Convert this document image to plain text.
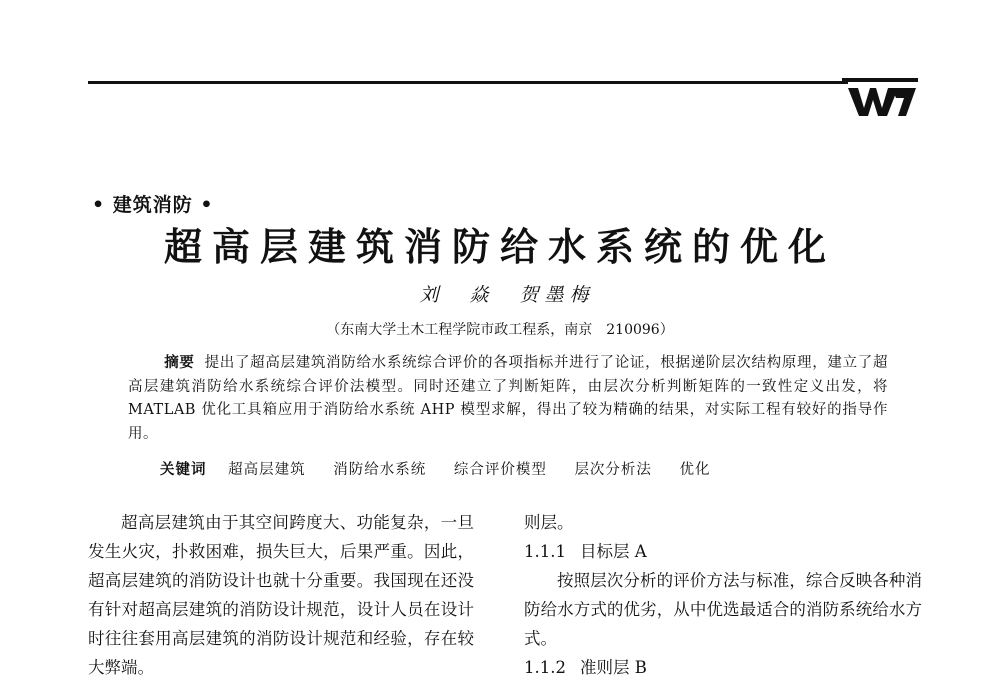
• 建筑消防 •
超高层建筑消防给水系统的优化
刘　焱　贺墨梅
（东南大学土木工程学院市政工程系，南京　210096）
摘要 提出了超高层建筑消防给水系统综合评价的各项指标并进行了论证，根据递阶层次结构原理，建立了超高层建筑消防给水系统综合评价法模型。同时还建立了判断矩阵，由层次分析判断矩阵的一致性定义出发，将 MATLAB 优化工具箱应用于消防给水系统 AHP 模型求解，得出了较为精确的结果，对实际工程有较好的指导作用。
关键词 超高层建筑 消防给水系统 综合评价模型 层次分析法 优化

超高层建筑由于其空间跨度大、功能复杂，一旦发生火灾，扑救困难，损失巨大，后果严重。因此，超高层建筑的消防设计也就十分重要。我国现在还没有针对超高层建筑的消防设计规范，设计人员在设计时往往套用高层建筑的消防设计规范和经验，存在较大弊端。

则层。

1.1.1 目标层 A

按照层次分析的评价方法与标准，综合反映各种消防给水方式的优劣，从中优选最适合的消防系统给水方式。

1.1.2 准则层 B
